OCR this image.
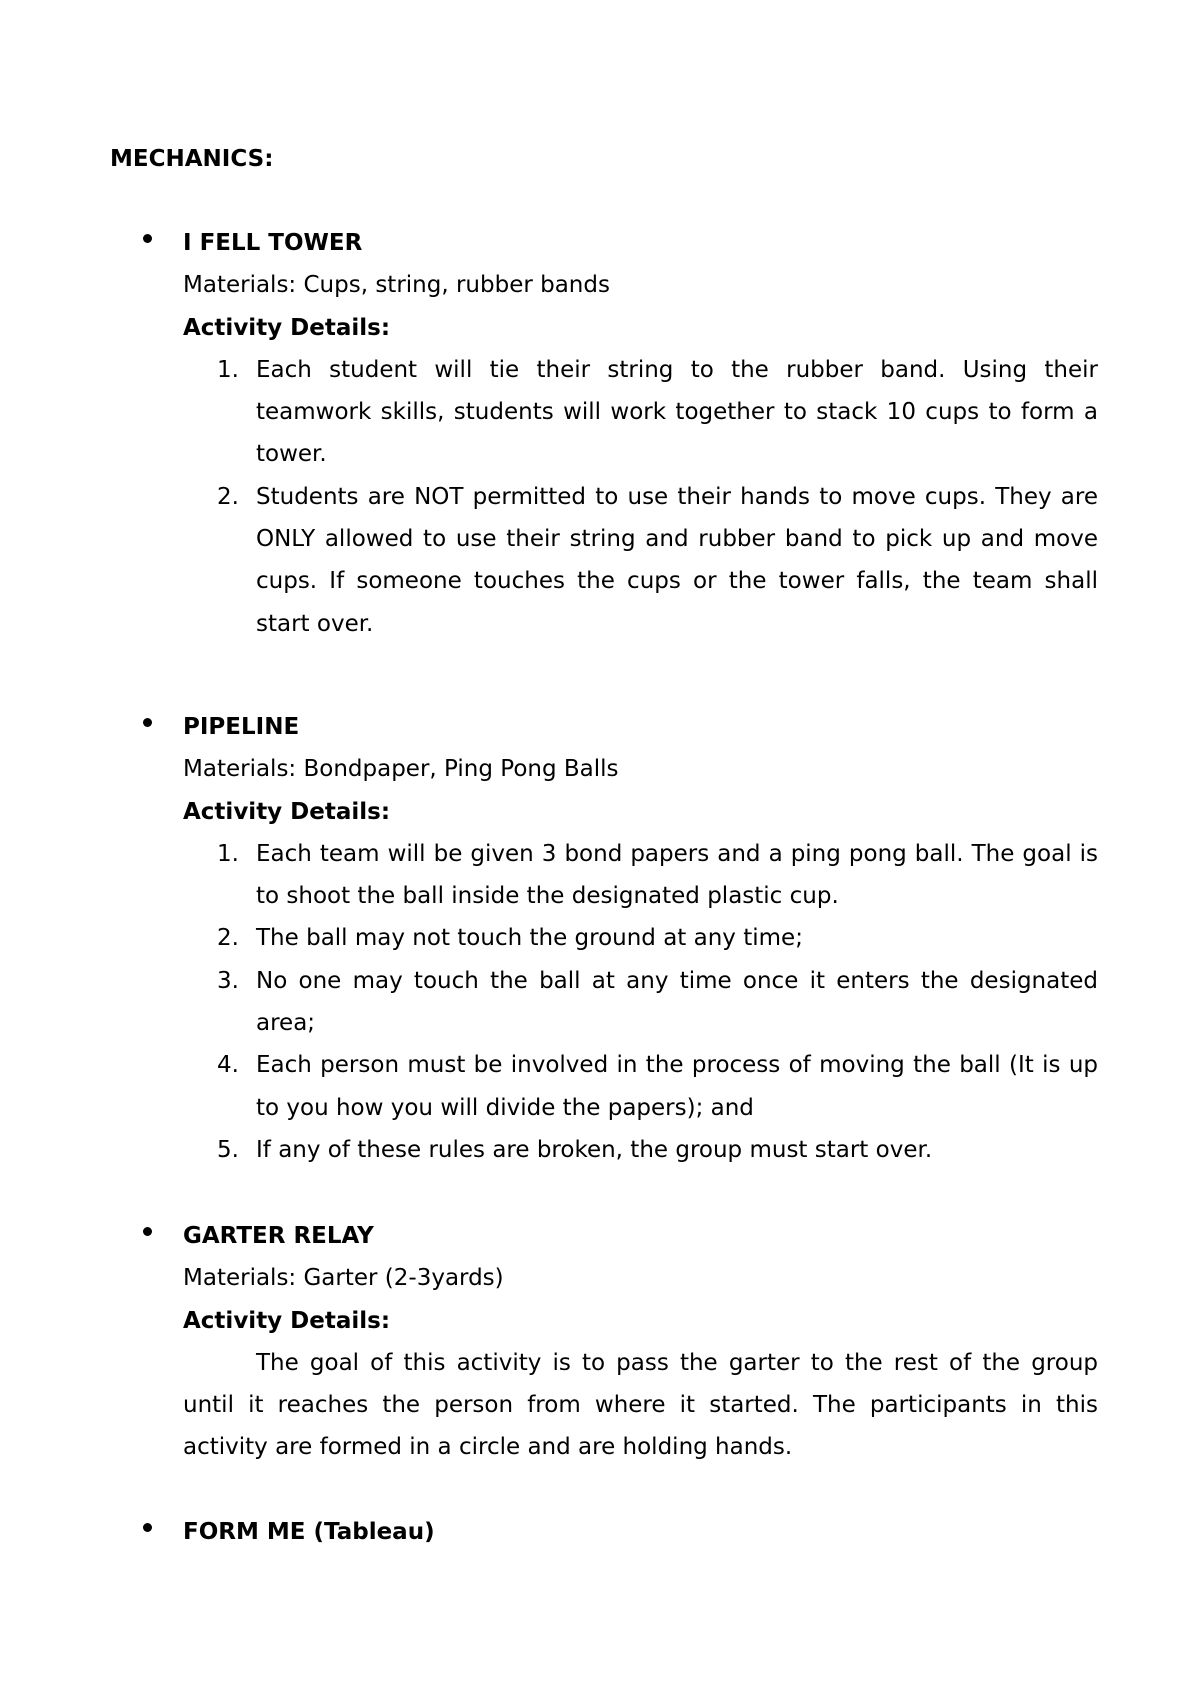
MECHANICS:

I FELL TOWER

Materials: Cups, string, rubber bands

Activity Details:

1. Each student will tie their string to the rubber band. Using their teamwork skills, students will work together to stack 10 cups to form a tower.
2. Students are NOT permitted to use their hands to move cups. They are ONLY allowed to use their string and rubber band to pick up and move cups. If someone touches the cups or the tower falls, the team shall start over.

PIPELINE

Materials: Bondpaper, Ping Pong Balls

Activity Details:

1. Each team will be given 3 bond papers and a ping pong ball. The goal is to shoot the ball inside the designated plastic cup.
2. The ball may not touch the ground at any time;
3. No one may touch the ball at any time once it enters the designated area;
4. Each person must be involved in the process of moving the ball (It is up to you how you will divide the papers); and
5. If any of these rules are broken, the group must start over.

GARTER RELAY

Materials: Garter (2-3yards)

Activity Details:

The goal of this activity is to pass the garter to the rest of the group until it reaches the person from where it started. The participants in this activity are formed in a circle and are holding hands.

FORM ME (Tableau)
